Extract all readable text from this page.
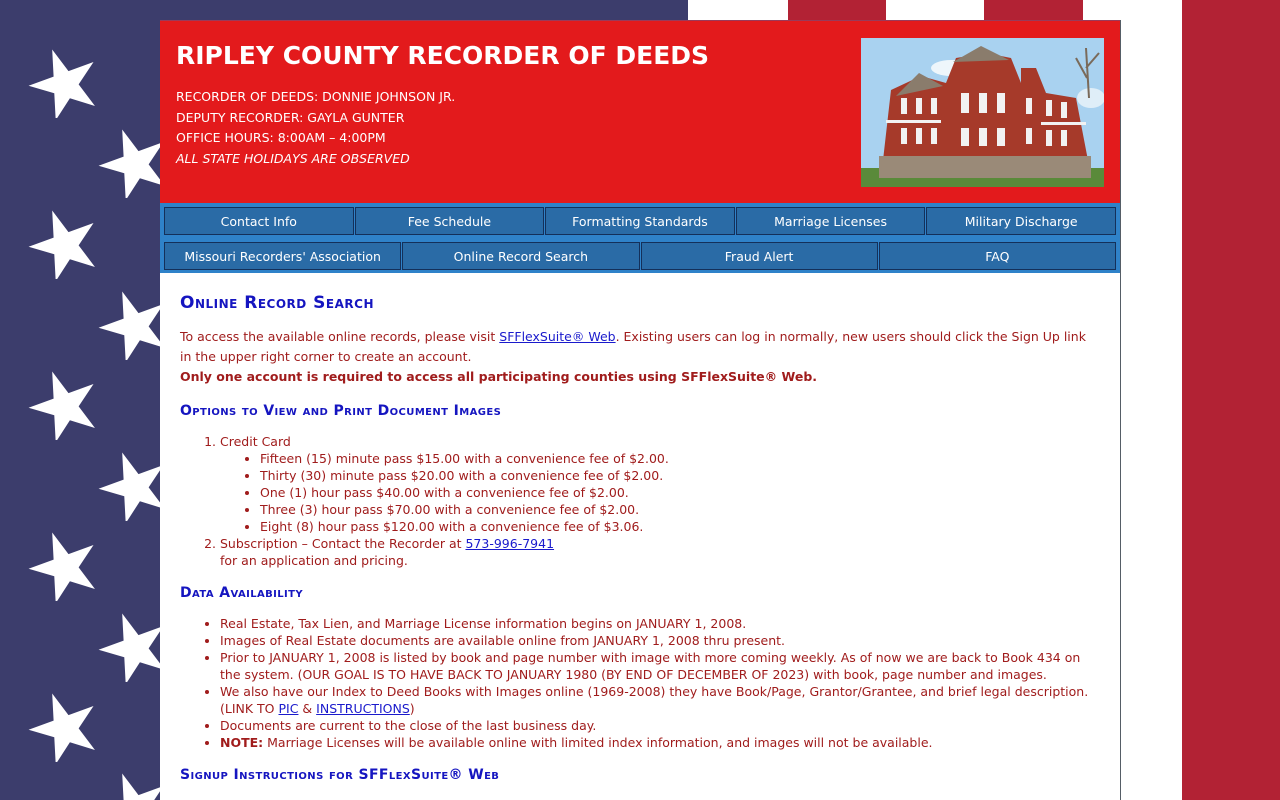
RIPLEY COUNTY RECORDER OF DEEDS
RECORDER OF DEEDS: DONNIE JOHNSON JR.
DEPUTY RECORDER: GAYLA GUNTER
OFFICE HOURS: 8:00AM – 4:00PM
ALL STATE HOLIDAYS ARE OBSERVED
Contact Info	Fee Schedule	Formatting Standards	Marriage Licenses	Military Discharge
Missouri Recorders' Association	Online Record Search	Fraud Alert	FAQ
Online Record Search

To access the available online records, please visit SFFlexSuite® Web. Existing users can log in normally, new users should click the Sign Up link in the upper right corner to create an account.

Only one account is required to access all participating counties using SFFlexSuite® Web.

Options to View and Print Document Images
1. Credit Card
• Fifteen (15) minute pass $15.00 with a convenience fee of $2.00.
• Thirty (30) minute pass $20.00 with a convenience fee of $2.00.
• One (1) hour pass $40.00 with a convenience fee of $2.00.
• Three (3) hour pass $70.00 with a convenience fee of $2.00.
• Eight (8) hour pass $120.00 with a convenience fee of $3.06.
2. Subscription – Contact the Recorder at 573-996-7941
for an application and pricing.
Data Availability
• Real Estate, Tax Lien, and Marriage License information begins on JANUARY 1, 2008.
• Images of Real Estate documents are available online from JANUARY 1, 2008 thru present.
• Prior to JANUARY 1, 2008 is listed by book and page number with image with more coming weekly. As of now we are back to Book 434 on the system. (OUR GOAL IS TO HAVE BACK TO JANUARY 1980 (BY END OF DECEMBER OF 2023) with book, page number and images.
• We also have our Index to Deed Books with Images online (1969-2008) they have Book/Page, Grantor/Grantee, and brief legal description. (LINK TO PIC & INSTRUCTIONS)
• Documents are current to the close of the last business day.
• NOTE: Marriage Licenses will be available online with limited index information, and images will not be available.
Signup Instructions for SFFlexSuite® Web
